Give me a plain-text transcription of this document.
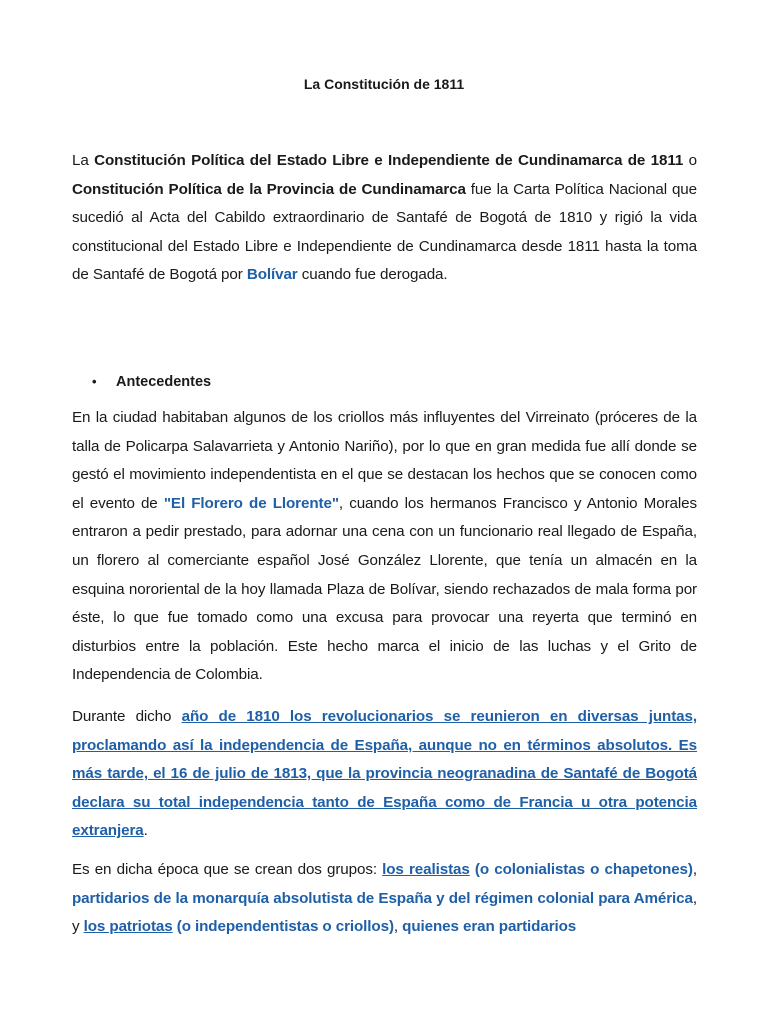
La Constitución de 1811

La Constitución Política del Estado Libre e Independiente de Cundinamarca de 1811 o Constitución Política de la Provincia de Cundinamarca fue la Carta Política Nacional que sucedió al Acta del Cabildo extraordinario de Santafé de Bogotá de 1810 y rigió la vida constitucional del Estado Libre e Independiente de Cundinamarca desde 1811 hasta la toma de Santafé de Bogotá por Bolívar cuando fue derogada.

• Antecedentes

En la ciudad habitaban algunos de los criollos más influyentes del Virreinato (próceres de la talla de Policarpa Salavarrieta y Antonio Nariño), por lo que en gran medida fue allí donde se gestó el movimiento independentista en el que se destacan los hechos que se conocen como el evento de "El Florero de Llorente", cuando los hermanos Francisco y Antonio Morales entraron a pedir prestado, para adornar una cena con un funcionario real llegado de España, un florero al comerciante español José González Llorente, que tenía un almacén en la esquina nororiental de la hoy llamada Plaza de Bolívar, siendo rechazados de mala forma por éste, lo que fue tomado como una excusa para provocar una reyerta que terminó en disturbios entre la población. Este hecho marca el inicio de las luchas y el Grito de Independencia de Colombia.

Durante dicho año de 1810 los revolucionarios se reunieron en diversas juntas, proclamando así la independencia de España, aunque no en términos absolutos. Es más tarde, el 16 de julio de 1813, que la provincia neogranadina de Santafé de Bogotá declara su total independencia tanto de España como de Francia u otra potencia extranjera.

Es en dicha época que se crean dos grupos: los realistas (o colonialistas o chapetones), partidarios de la monarquía absolutista de España y del régimen colonial para América, y los patriotas (o independentistas o criollos), quienes eran partidarios
